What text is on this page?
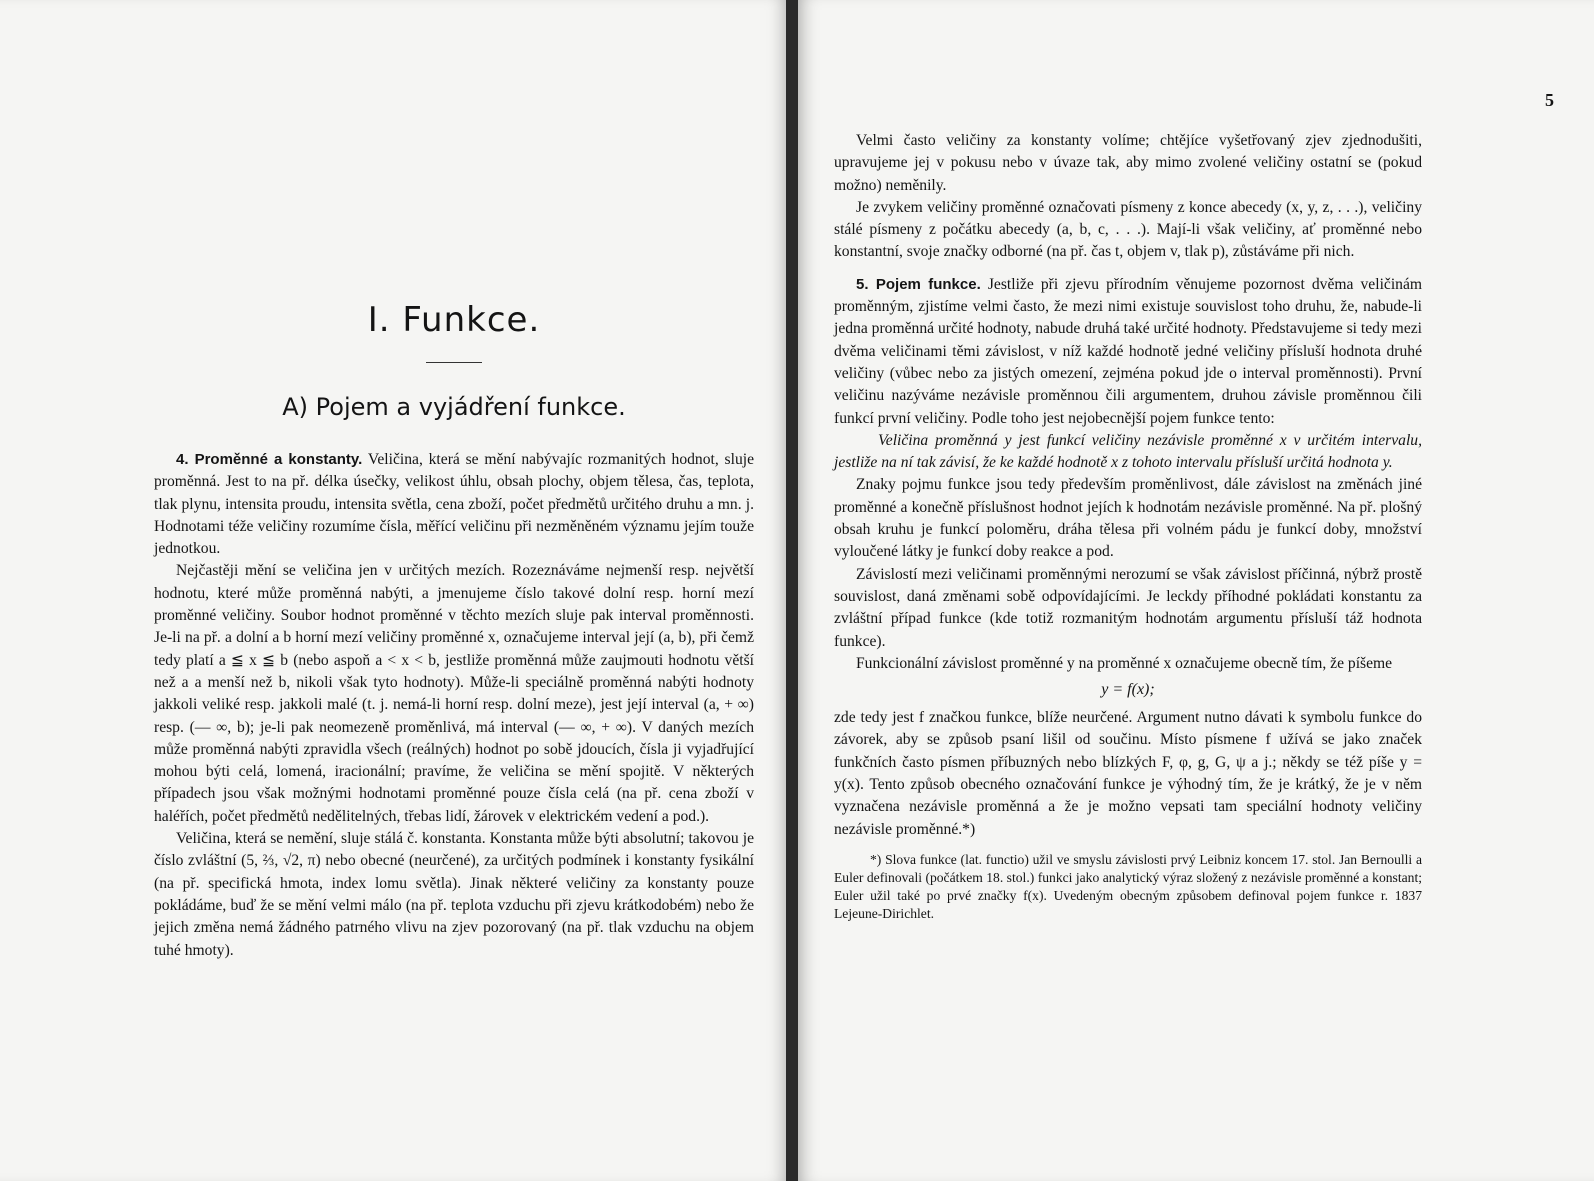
I. Funkce.
A) Pojem a vyjádření funkce.

4. Proměnné a konstanty. Veličina, která se mění nabývajíc rozmanitých hodnot, sluje proměnná. Jest to na př. délka úsečky, velikost úhlu, obsah plochy, objem tělesa, čas, teplota, tlak plynu, intensita proudu, intensita světla, cena zboží, počet předmětů určitého druhu a mn. j. Hodnotami téže veličiny rozumíme čísla, měřící veličinu při nezměněném významu jejím touže jednotkou.

Nejčastěji mění se veličina jen v určitých mezích. Rozeznáváme nejmenší resp. největší hodnotu, které může proměnná nabýti, a jmenujeme číslo takové dolní resp. horní mezí proměnné veličiny. Soubor hodnot proměnné v těchto mezích sluje pak interval proměnnosti. Je-li na př. a dolní a b horní mezí veličiny proměnné x, označujeme interval její (a, b), při čemž tedy platí a ≦ x ≦ b (nebo aspoň a < x < b, jestliže proměnná může zaujmouti hodnotu větší než a a menší než b, nikoli však tyto hodnoty). Může-li speciálně proměnná nabýti hodnoty jakkoli veliké resp. jakkoli malé (t. j. nemá-li horní resp. dolní meze), jest její interval (a, + ∞) resp. (— ∞, b); je-li pak neomezeně proměnlivá, má interval (— ∞, + ∞). V daných mezích může proměnná nabýti zpravidla všech (reálných) hodnot po sobě jdoucích, čísla ji vyjadřující mohou býti celá, lomená, iracionální; pravíme, že veličina se mění spojitě. V některých případech jsou však možnými hodnotami proměnné pouze čísla celá (na př. cena zboží v haléřích, počet předmětů nedělitelných, třebas lidí, žárovek v elektrickém vedení a pod.).

Veličina, která se nemění, sluje stálá č. konstanta. Konstanta může býti absolutní; takovou je číslo zvláštní (5, ⅔, √2, π) nebo obecné (neurčené), za určitých podmínek i konstanty fysikální (na př. specifická hmota, index lomu světla). Jinak některé veličiny za konstanty pouze pokládáme, buď že se mění velmi málo (na př. teplota vzduchu při zjevu krátkodobém) nebo že jejich změna nemá žádného patrného vlivu na zjev pozorovaný (na př. tlak vzduchu na objem tuhé hmoty).

5

Velmi často veličiny za konstanty volíme; chtějíce vyšetřovaný zjev zjednodušiti, upravujeme jej v pokusu nebo v úvaze tak, aby mimo zvolené veličiny ostatní se (pokud možno) neměnily.

Je zvykem veličiny proměnné označovati písmeny z konce abecedy (x, y, z, . . .), veličiny stálé písmeny z počátku abecedy (a, b, c, . . .). Mají-li však veličiny, ať proměnné nebo konstantní, svoje značky odborné (na př. čas t, objem v, tlak p), zůstáváme při nich.

5. Pojem funkce. Jestliže při zjevu přírodním věnujeme pozornost dvěma veličinám proměnným, zjistíme velmi často, že mezi nimi existuje souvislost toho druhu, že, nabude-li jedna proměnná určité hodnoty, nabude druhá také určité hodnoty. Představujeme si tedy mezi dvěma veličinami těmi závislost, v níž každé hodnotě jedné veličiny přísluší hodnota druhé veličiny (vůbec nebo za jistých omezení, zejména pokud jde o interval proměnnosti). První veličinu nazýváme nezávisle proměnnou čili argumentem, druhou závisle proměnnou čili funkcí první veličiny. Podle toho jest nejobecnější pojem funkce tento:

Veličina proměnná y jest funkcí veličiny nezávisle proměnné x v určitém intervalu, jestliže na ní tak závisí, že ke každé hodnotě x z tohoto intervalu přísluší určitá hodnota y.

Znaky pojmu funkce jsou tedy především proměnlivost, dále závislost na změnách jiné proměnné a konečně příslušnost hodnot jejích k hodnotám nezávisle proměnné. Na př. plošný obsah kruhu je funkcí poloměru, dráha tělesa při volném pádu je funkcí doby, množství vyloučené látky je funkcí doby reakce a pod.

Závislostí mezi veličinami proměnnými nerozumí se však závislost příčinná, nýbrž prostě souvislost, daná změnami sobě odpovídajícími. Je leckdy příhodné pokládati konstantu za zvláštní případ funkce (kde totiž rozmanitým hodnotám argumentu přísluší táž hodnota funkce).

Funkcionální závislost proměnné y na proměnné x označujeme obecně tím, že píšeme

y = f(x);

zde tedy jest f značkou funkce, blíže neurčené. Argument nutno dávati k symbolu funkce do závorek, aby se způsob psaní lišil od součinu. Místo písmene f užívá se jako značek funkčních často písmen příbuzných nebo blízkých F, φ, g, G, ψ a j.; někdy se též píše y = y(x). Tento způsob obecného označování funkce je výhodný tím, že je krátký, že je v něm vyznačena nezávisle proměnná a že je možno vepsati tam speciální hodnoty veličiny nezávisle proměnné.*)

*) Slova funkce (lat. functio) užil ve smyslu závislosti prvý Leibniz koncem 17. stol. Jan Bernoulli a Euler definovali (počátkem 18. stol.) funkci jako analytický výraz složený z nezávisle proměnné a konstant; Euler užil také po prvé značky f(x). Uvedeným obecným způsobem definoval pojem funkce r. 1837 Lejeune-Dirichlet.
